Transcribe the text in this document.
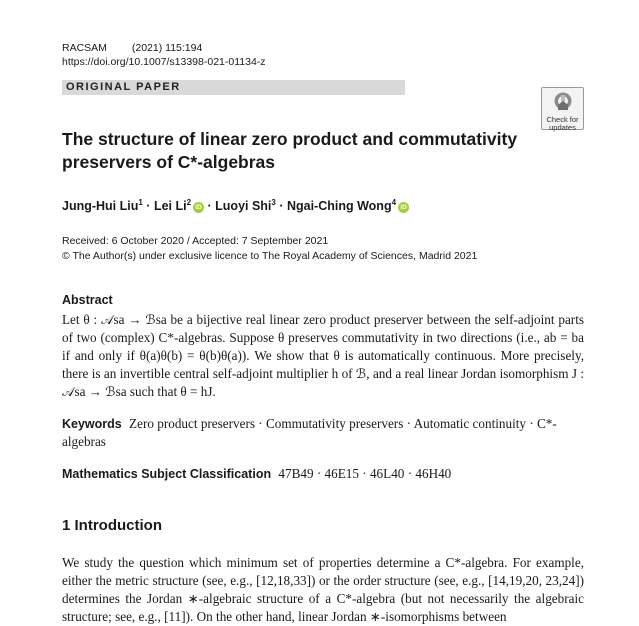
RACSAM (2021) 115:194
https://doi.org/10.1007/s13398-021-01134-z
ORIGINAL PAPER
Check for
updates
The structure of linear zero product and commutativity preservers of C*-algebras
Jung-Hui Liu$^1$ · Lei $Li^2iD$ · Luoyi Shi$^3$ · Ngai-Ching Wong$^4$iD
Received: 6 October 2020 / Accepted: 7 September 2021
© The Author(s) under exclusive licence to The Royal Academy of Sciences, Madrid 2021
Abstract
Let θ : 𝒜sa → ℬsa be a bijective real linear zero product preserver between the self-adjoint parts of two (complex) C*-algebras. Suppose θ preserves commutativity in two directions (i.e., ab = ba if and only if θ(a)θ(b) = θ(b)θ(a)). We show that θ is automatically continuous. More precisely, there is an invertible central self-adjoint multiplier h of ℬ, and a real linear Jordan isomorphism J : 𝒜sa → ℬsa such that θ = hJ.
Keywords Zero product preservers · Commutativity preservers · Automatic continuity · C*-algebras
Mathematics Subject Classification 47B49 · 46E15 · 46L40 · 46H40
1 Introduction
We study the question which minimum set of properties determine a C*-algebra. For example, either the metric structure (see, e.g., [12,18,33]) or the order structure (see, e.g., [14,19,20, 23,24]) determines the Jordan ∗-algebraic structure of a C*-algebra (but not necessarily the algebraic structure; see, e.g., [11]). On the other hand, linear Jordan ∗-isomorphisms between
